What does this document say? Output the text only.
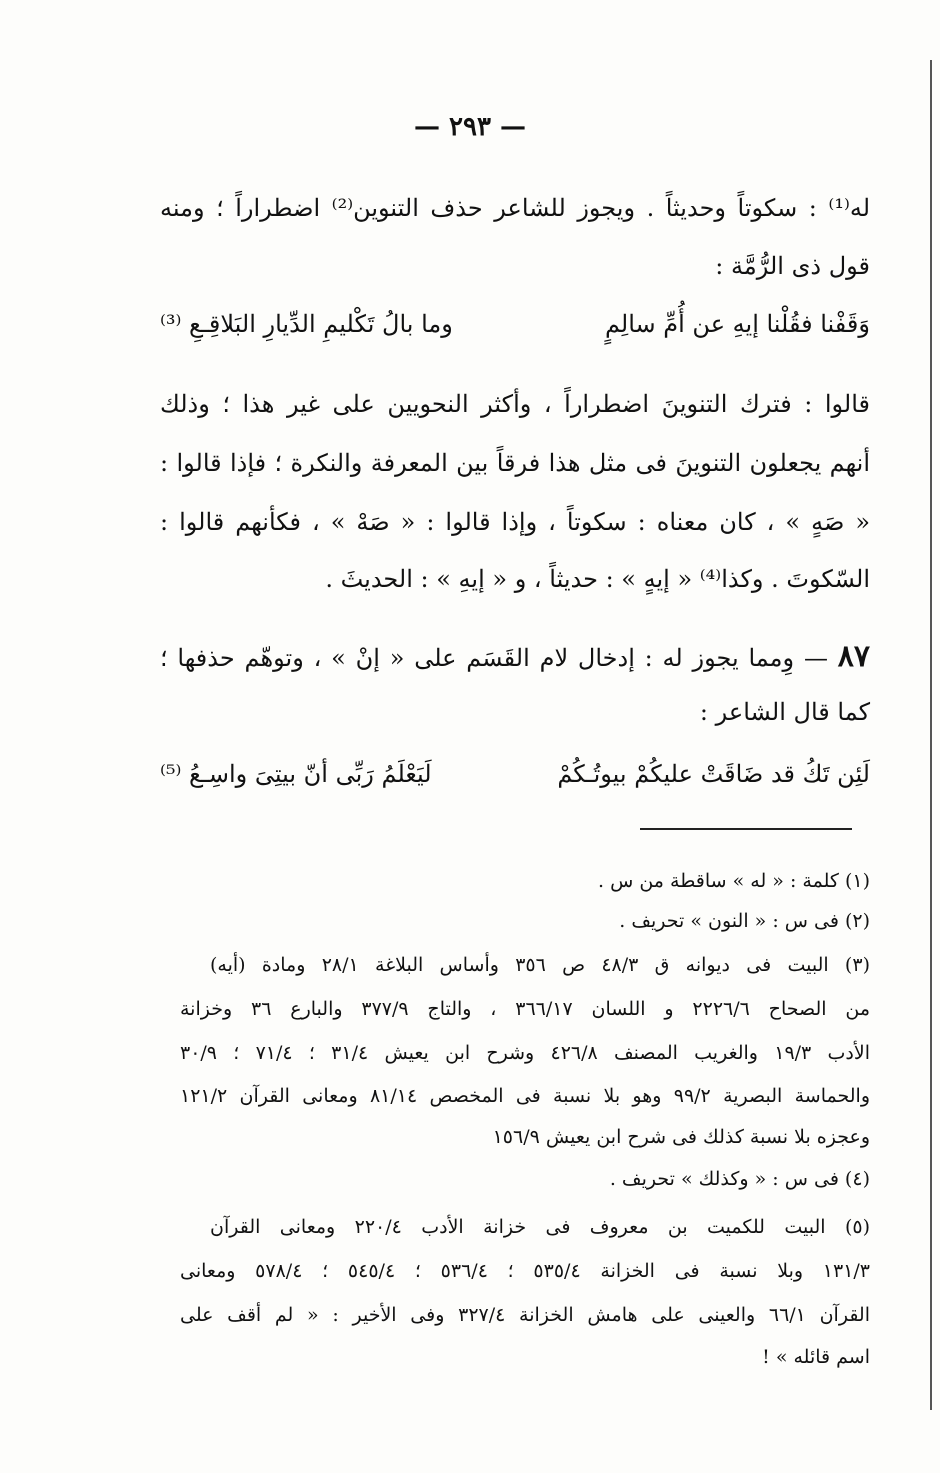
— ٢٩٣ —
له⁽¹⁾ : سكوتاً وحديثاً . ويجوز للشاعر حذف التنوين⁽²⁾ اضطراراً ؛ ومنه
قول ذى الرُّمَّة :
وَقَفْنا فقُلْنا إيهِ عن أُمِّ سالِمٍ
وما بالُ تَكْليمِ الدِّيارِ البَلاقِـعِ ⁽³⁾
قالوا : فترك التنوينَ اضطراراً ، وأكثر النحويين على غير هذا ؛ وذلك
أنهم يجعلون التنوينَ فى مثل هذا فرقاً بين المعرفة والنكرة ؛ فإذا قالوا :
« صَهٍ » ، كان معناه : سكوتاً ، وإذا قالوا : « صَهْ » ، فكأنهم قالوا :
السّكوتَ . وكذا⁽⁴⁾ « إيهٍ » : حديثاً ، و « إيهِ » : الحديثَ .
٨٧ — وِمما يجوز له : إدخال لام القَسَم على « إنْ » ، وتوهّم حذفها ؛
كما قال الشاعر :
لَئِن تَكُ قد ضَاقَتْ عليكُمْ بيوتُـكُمْ
لَيَعْلَمُ رَبِّى أنّ بيتِىَ واسِـعُ ⁽⁵⁾
(١) كلمة : « له » ساقطة من س .
(٢) فى س : « النون » تحريف .
(٣) البيت فى ديوانه ق ٤٨/٣ ص ٣٥٦ وأساس البلاغة ٢٨/١ ومادة (أيه)
من الصحاح ٢٢٢٦/٦ و اللسان ٣٦٦/١٧ ، والتاج ٣٧٧/٩ والبارع ٣٦ وخزانة
الأدب ١٩/٣ والغريب المصنف ٤٢٦/٨ وشرح ابن يعيش ٣١/٤ ؛ ٧١/٤ ؛ ٣٠/٩
والحماسة البصرية ٩٩/٢ وهو بلا نسبة فى المخصص ٨١/١٤ ومعانى القرآن ١٢١/٢
وعجزه بلا نسبة كذلك فى شرح ابن يعيش ١٥٦/٩
(٤) فى س : « وكذلك » تحريف .
(٥) البيت للكميت بن معروف فى خزانة الأدب ٢٢٠/٤ ومعانى القرآن
١٣١/٣ وبلا نسبة فى الخزانة ٥٣٥/٤ ؛ ٥٣٦/٤ ؛ ٥٤٥/٤ ؛ ٥٧٨/٤ ومعانى
القرآن ٦٦/١ والعينى على هامش الخزانة ٣٢٧/٤ وفى الأخير : « لم أقف على
اسم قائله » !
